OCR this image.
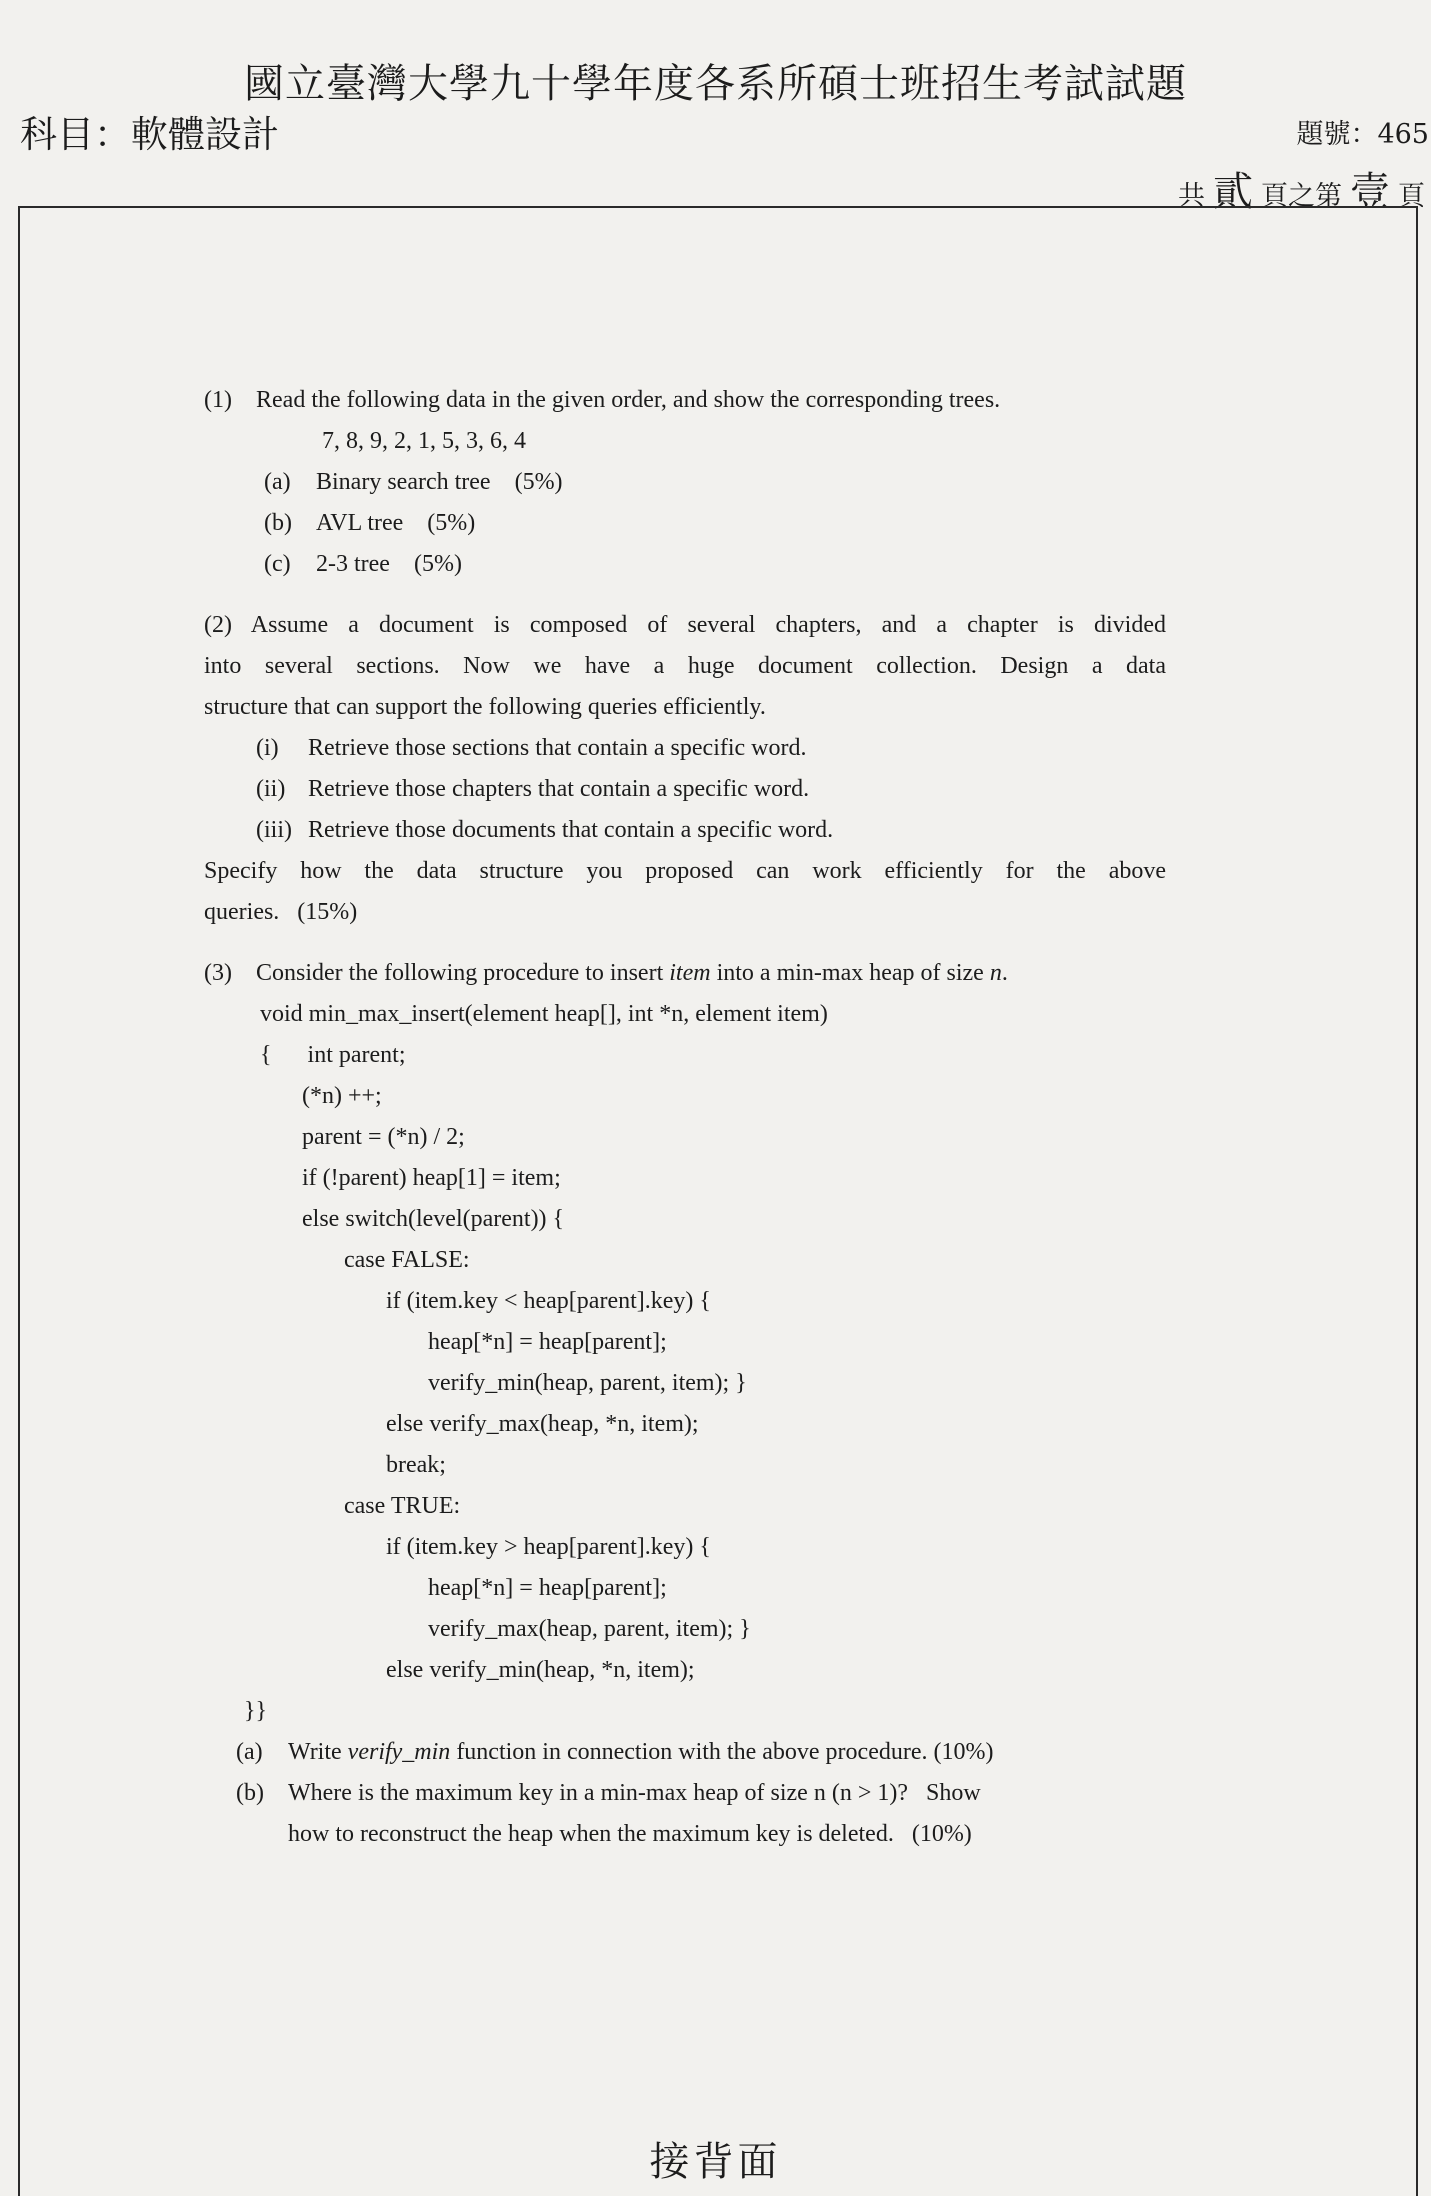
國立臺灣大學九十學年度各系所碩士班招生考試試題
科目：軟體設計	題號：465
共 貳 頁之第 壹 頁
(1)	Read the following data in the given order, and show the corresponding trees.
7, 8, 9, 2, 1, 5, 3, 6, 4
(a)	Binary search tree    (5%)
(b)	AVL tree    (5%)
(c)	2-3 tree    (5%)
(2) Assume a document is composed of several chapters, and a chapter is divided
into several sections. Now we have a huge document collection. Design a data
structure that can support the following queries efficiently.
(i)	Retrieve those sections that contain a specific word.
(ii) Retrieve those chapters that contain a specific word.
(iii) Retrieve those documents that contain a specific word.
Specify how the data structure you proposed can work efficiently for the above
queries.   (15%)
(3)	Consider the following procedure to insert item into a min-max heap of size n.
void min_max_insert(element heap[], int *n, element item)
{      int parent;
(*n) ++;
parent = (*n) / 2;
if (!parent) heap[1] = item;
else switch(level(parent)) {
case FALSE:
if (item.key < heap[parent].key) {
heap[*n] = heap[parent];
verify_min(heap, parent, item); }
else verify_max(heap, *n, item);
break;
case TRUE:
if (item.key > heap[parent].key) {
heap[*n] = heap[parent];
verify_max(heap, parent, item); }
else verify_min(heap, *n, item);
}}
(a)	Write verify_min function in connection with the above procedure. (10%)
(b)	Where is the maximum key in a min-max heap of size n (n > 1)?   Show
how to reconstruct the heap when the maximum key is deleted.   (10%)
接背面
